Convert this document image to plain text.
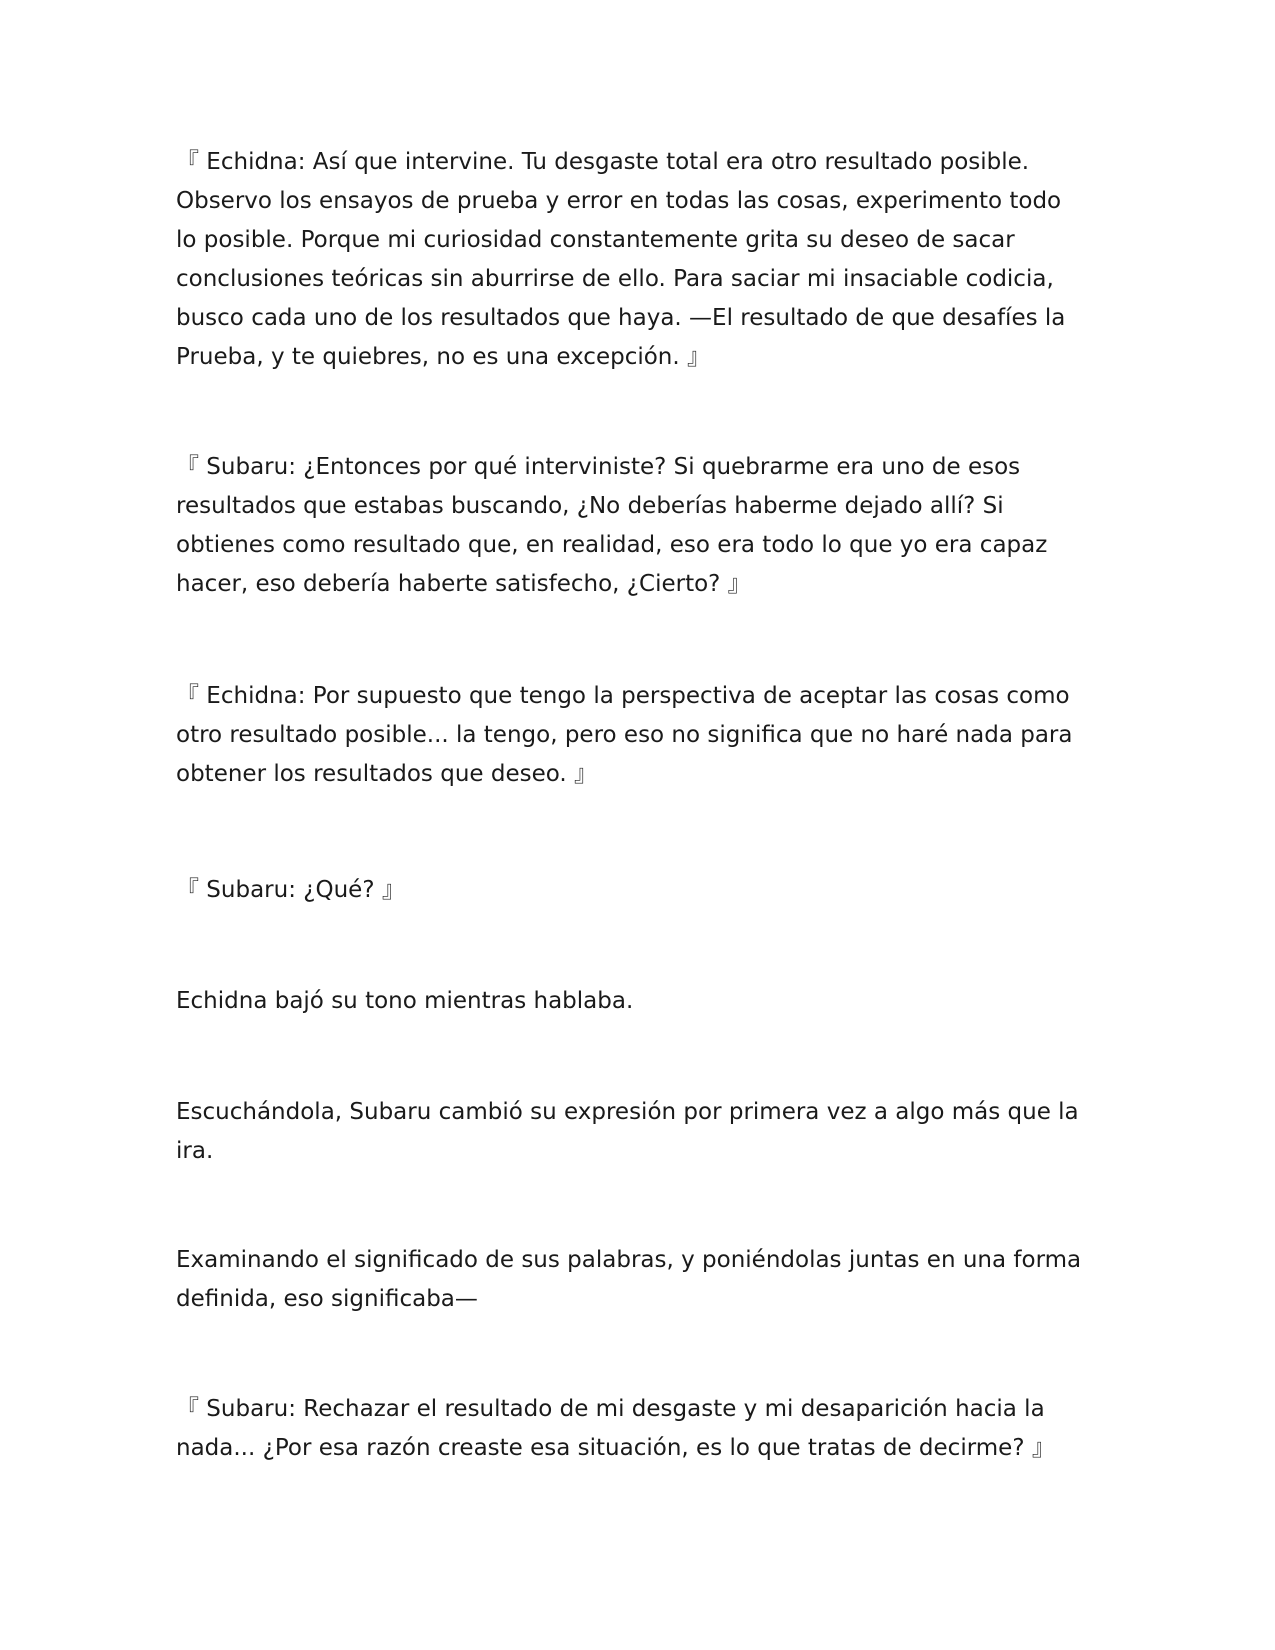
『 Echidna: Así que intervine. Tu desgaste total era otro resultado posible.
Observo los ensayos de prueba y error en todas las cosas, experimento todo
lo posible. Porque mi curiosidad constantemente grita su deseo de sacar
conclusiones teóricas sin aburrirse de ello. Para saciar mi insaciable codicia,
busco cada uno de los resultados que haya. —El resultado de que desafíes la
Prueba, y te quiebres, no es una excepción. 』

『 Subaru: ¿Entonces por qué interviniste? Si quebrarme era uno de esos
resultados que estabas buscando, ¿No deberías haberme dejado allí? Si
obtienes como resultado que, en realidad, eso era todo lo que yo era capaz
hacer, eso debería haberte satisfecho, ¿Cierto? 』

『 Echidna: Por supuesto que tengo la perspectiva de aceptar las cosas como
otro resultado posible... la tengo, pero eso no significa que no haré nada para
obtener los resultados que deseo. 』

『 Subaru: ¿Qué? 』

Echidna bajó su tono mientras hablaba.

Escuchándola, Subaru cambió su expresión por primera vez a algo más que la
ira.

Examinando el significado de sus palabras, y poniéndolas juntas en una forma
definida, eso significaba—

『 Subaru: Rechazar el resultado de mi desgaste y mi desaparición hacia la
nada... ¿Por esa razón creaste esa situación, es lo que tratas de decirme? 』
